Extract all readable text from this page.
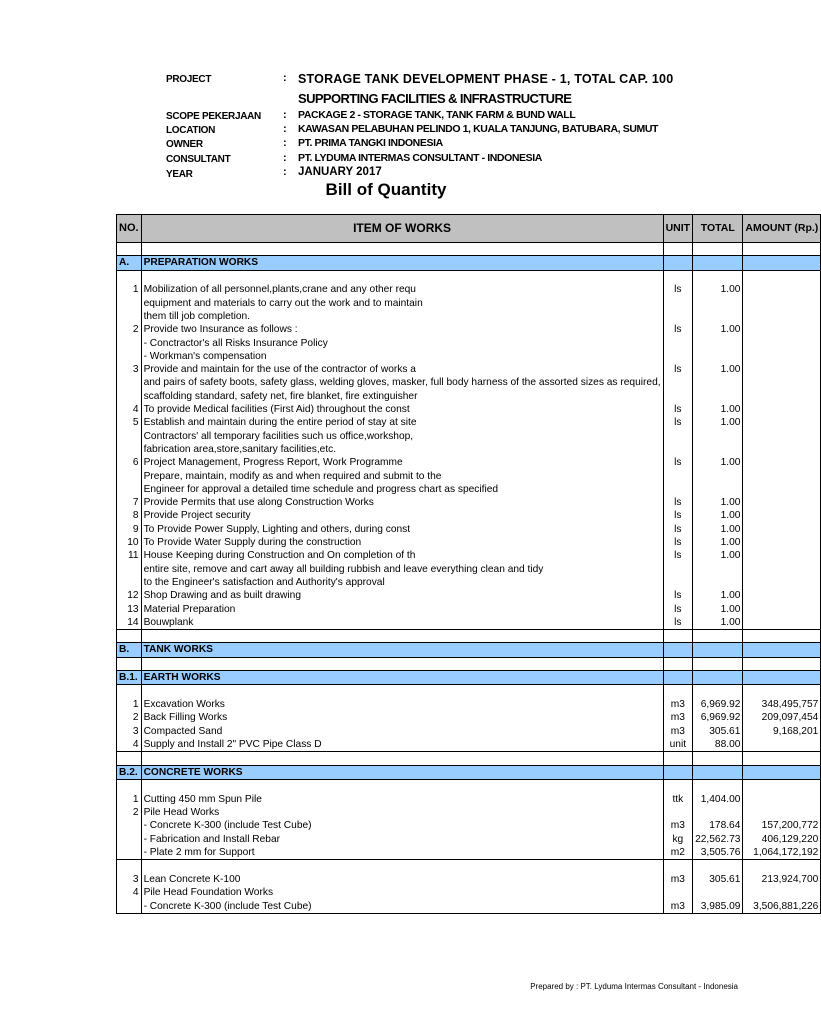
PROJECT	: STORAGE TANK DEVELOPMENT PHASE - 1, TOTAL CAP. 100
SUPPORTING FACILITIES & INFRASTRUCTURE
SCOPE PEKERJAAN : PACKAGE 2 - STORAGE TANK, TANK FARM & BUND WALL
LOCATION	: KAWASAN PELABUHAN PELINDO 1, KUALA TANJUNG, BATUBARA, SUMUT
OWNER	: PT. PRIMA TANGKI INDONESIA
CONSULTANT	: PT. LYDUMA INTERMAS CONSULTANT - INDONESIA
YEAR	: JANUARY 2017
Bill of Quantity
NO.	ITEM OF WORKS	UNIT	TOTAL	AMOUNT (Rp.)

A.	PREPARATION WORKS			

1	Mobilization of all personnel,plants,crane and any other requ	ls	1.00	
	equipment and materials to carry out the work and to maintain			
	them till job completion.			
2	Provide two Insurance as follows :	ls	1.00	
	- Conctractor's all Risks Insurance Policy			
	- Workman's compensation			
3	Provide and maintain for the use of the contractor of works a	ls	1.00	
	and pairs of safety boots, safety glass, welding gloves, masker, full body harness of the assorted sizes as required,			
	scaffolding standard, safety net, fire blanket, fire extinguisher			
4	To provide Medical facilities (First Aid) throughout the const	ls	1.00	
5	Establish and maintain during the entire period of stay at site	ls	1.00	
	Contractors' all temporary facilities such us office,workshop,			
	fabrication area,store,sanitary facilities,etc.			
6	Project Management, Progress Report, Work Programme	ls	1.00	
	Prepare, maintain, modify as and when required and submit to the			
	Engineer for approval a detailed time schedule and progress chart as specified			
7	Provide Permits that use along Construction Works	ls	1.00	
8	Provide Project security	ls	1.00	
9	To Provide Power Supply, Lighting and others, during const	ls	1.00	
10	To Provide Water Supply during the construction	ls	1.00	
11	House Keeping during Construction and On completion of th	ls	1.00	
	entire site, remove and cart away all building rubbish and leave everything clean and tidy			
	to the Engineer's satisfaction and Authority's approval			
12	Shop Drawing and as built drawing	ls	1.00	
13	Material Preparation	ls	1.00	
14	Bouwplank	ls	1.00	

B.	TANK WORKS			

B.1.	EARTH WORKS			

1	Excavation Works	m3	6,969.92	348,495,757
2	Back Filling Works	m3	6,969.92	209,097,454
3	Compacted Sand	m3	305.61	9,168,201
4	Supply and Install 2" PVC Pipe Class D	unit	88.00	

B.2.	CONCRETE WORKS			

1	Cutting 450 mm Spun Pile	ttk	1,404.00	
2	Pile Head Works			
	- Concrete K-300 (include Test Cube)	m3	178.64	157,200,772
	- Fabrication and Install Rebar	kg	22,562.73	406,129,220
	- Plate 2 mm for Support	m2	3,505.76	1,064,172,192

3	Lean Concrete K-100	m3	305.61	213,924,700
4	Pile Head Foundation Works			
	- Concrete K-300 (include Test Cube)	m3	3,985.09	3,506,881,226
Prepared by : PT. Lyduma Intermas Consultant - Indonesia
